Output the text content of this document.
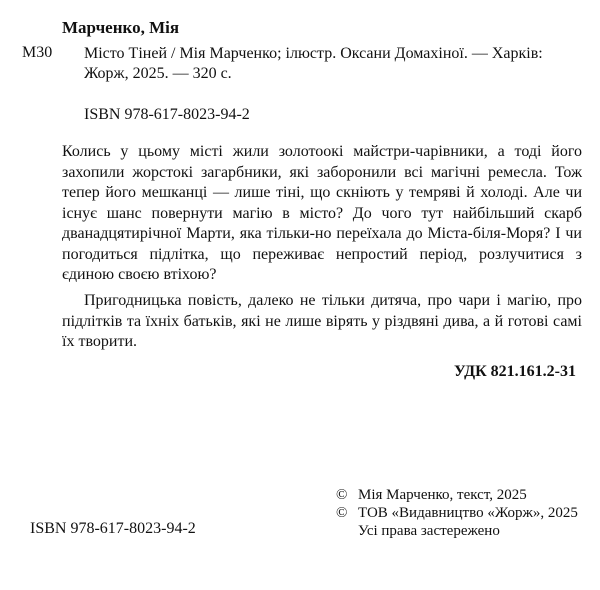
Марченко, Мія
М30 Місто Тіней / Мія Марченко; ілюстр. Оксани Домахіної. — Харків: Жорж, 2025. — 320 с.
ISBN 978-617-8023-94-2

Колись у цьому місті жили золотоокі майстри-чарівники, а тоді його захопили жорстокі загарбники, які заборонили всі магічні ремесла. Тож тепер його мешканці — лише тіні, що скніють у темряві й холоді. Але чи існує шанс повернути магію в місто? До чого тут найбільший скарб дванадцятирічної Марти, яка тільки-но переїхала до Міста-біля-Моря? І чи погодиться підлітка, що переживає непростий період, розлучитися з єдиною своєю втіхою?

Пригодницька повість, далеко не тільки дитяча, про чари і магію, про підлітків та їхніх батьків, які не лише вірять у різдвяні дива, а й готові самі їх творити.

УДК 821.161.2-31
© Мія Марченко, текст, 2025
© ТОВ «Видавництво «Жорж», 2025
Усі права застережено
ISBN 978-617-8023-94-2
